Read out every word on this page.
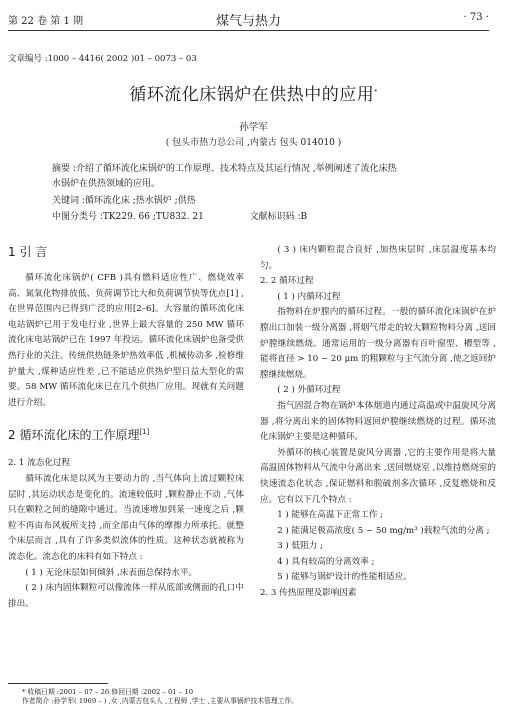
第 22 卷 第 1 期	煤气与热力	· 73 ·
文章编号 :1000 – 4416( 2002 )01 – 0073 – 03
循环流化床锅炉在供热中的应用*
孙学军
( 包头市热力总公司 ,内蒙古 包头 014010 )
摘要 :介绍了循环流化床锅炉的工作原理、技术特点及其运行情况 ,举例阐述了流化床热
水锅炉在供热领域的应用。
关键词 :循环流化床 ;热水锅炉 ;供热
中图分类号 :TK229. 66 ;TU832. 21	文献标识码 :B

1 引 言

循环流化床锅炉( CFB )具有燃料适应性广、燃烧效率高、氮氧化物排放低、负荷调节比大和负荷调节快等优点[1] ,在世界范围内已得到广泛的应用[2–6]。大容量的循环流化床电站锅炉已用于发电行业 ,世界上最大容量的 250 MW 循环流化床电站锅炉已在 1997 年投运。循环流化床锅炉也备受供热行业的关注。传统供热链条炉热效率低 ,机械传动多 ,检修维护量大 ,煤种适应性差 ,已不能适应供热炉型日益大型化的需要。58 MW 循环流化床已在几个供热厂应用。现就有关问题进行介绍。

2 循环流化床的工作原理[1]

2. 1 流态化过程

循环流化床是以风为主要动力的 ,当气体向上流过颗粒床层时 ,其运动状态是变化的。流速较低时 ,颗粒静止不动 ,气体只在颗粒之间的缝隙中通过。当流速增加到某一速度之后 ,颗粒不再由布风板所支持 ,而全部由气体的摩擦力所承托。就整个床层而言 ,具有了许多类似流体的性质。这种状态就被称为流态化。流态化的床料有如下特点 :

( 1 ) 无论床层如何倾斜 ,床表面总保持水平。

( 2 ) 床内固体颗粒可以像流体一样从底部或侧面的孔口中排出。

( 3 ) 床内颗粒混合良好 ,加热床层时 ,床层温度基本均匀。

2. 2 循环过程

( 1 ) 内循环过程

指物料在炉膛内的循环过程。一般的循环流化床锅炉在炉膛出口加装一级分离器 ,将烟气带走的较大颗粒物料分离 ,送回炉膛继续燃烧。通常运用的一级分离器有百叶窗型、槽型等 ,能将直径 > 10 ~ 20 μm 的粗颗粒与主气流分离 ,使之返回炉膛继续燃烧。

( 2 ) 外循环过程

指气固混合物在锅炉本体烟道内通过高温或中温旋风分离器 ,将分离出来的固体物料返回炉膛继续燃烧的过程。循环流化床锅炉主要是这种循环。

外循环的核心装置是旋风分离器 ,它的主要作用是将大量高温固体物料从气流中分离出来 ,送回燃烧室 ,以维持燃烧室的快速流态化状态 ,保证燃料和脱硫剂多次循环 ,反复燃烧和反应。它有以下几个特点 :

1 ) 能够在高温下正常工作 ;

2 ) 能满足极高浓度( 5 ~ 50 mg/m³ )载粒气流的分离 ;

3 ) 低阻力 ;

4 ) 具有较高的分离效率 ;

5 ) 能够与锅炉设计的性能相适应。

2. 3 传热原理及影响因素

* 收稿日期 :2001 – 07 – 26 修回日期 :2002 – 01 – 10
作者简介 :孙学军( 1969 – ) ,女 ,内蒙古包头人 ,工程师 ,学士 ,主要从事锅炉技术管理工作。
